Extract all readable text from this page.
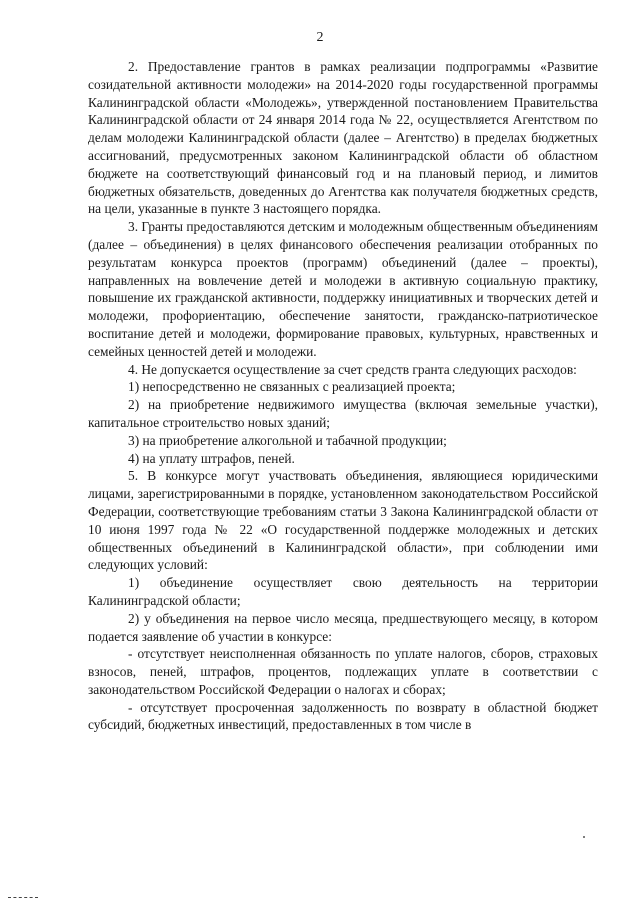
2

2. Предоставление грантов в рамках реализации подпрограммы «Развитие созидательной активности молодежи» на 2014-2020 годы государственной программы Калининградской области «Молодежь», утвержденной постановлением Правительства Калининградской области от 24 января 2014 года № 22, осуществляется Агентством по делам молодежи Калининградской области (далее – Агентство) в пределах бюджетных ассигнований, предусмотренных законом Калининградской области об областном бюджете на соответствующий финансовый год и на плановый период, и лимитов бюджетных обязательств, доведенных до Агентства как получателя бюджетных средств, на цели, указанные в пункте 3 настоящего порядка.

3. Гранты предоставляются детским и молодежным общественным объединениям (далее – объединения) в целях финансового обеспечения реализации отобранных по результатам конкурса проектов (программ) объединений (далее – проекты), направленных на вовлечение детей и молодежи в активную социальную практику, повышение их гражданской активности, поддержку инициативных и творческих детей и молодежи, профориентацию, обеспечение занятости, гражданско-патриотическое воспитание детей и молодежи, формирование правовых, культурных, нравственных и семейных ценностей детей и молодежи.

4. Не допускается осуществление за счет средств гранта следующих расходов:

1) непосредственно не связанных с реализацией проекта;

2) на приобретение недвижимого имущества (включая земельные участки), капитальное строительство новых зданий;

3) на приобретение алкогольной и табачной продукции;

4) на уплату штрафов, пеней.

5. В конкурсе могут участвовать объединения, являющиеся юридическими лицами, зарегистрированными в порядке, установленном законодательством Российской Федерации, соответствующие требованиям статьи 3 Закона Калининградской области от 10 июня 1997 года № 22 «О государственной поддержке молодежных и детских общественных объединений в Калининградской области», при соблюдении ими следующих условий:

1) объединение осуществляет свою деятельность на территории Калининградской области;

2) у объединения на первое число месяца, предшествующего месяцу, в котором подается заявление об участии в конкурсе:

- отсутствует неисполненная обязанность по уплате налогов, сборов, страховых взносов, пеней, штрафов, процентов, подлежащих уплате в соответствии с законодательством Российской Федерации о налогах и сборах;

- отсутствует просроченная задолженность по возврату в областной бюджет субсидий, бюджетных инвестиций, предоставленных в том числе в
